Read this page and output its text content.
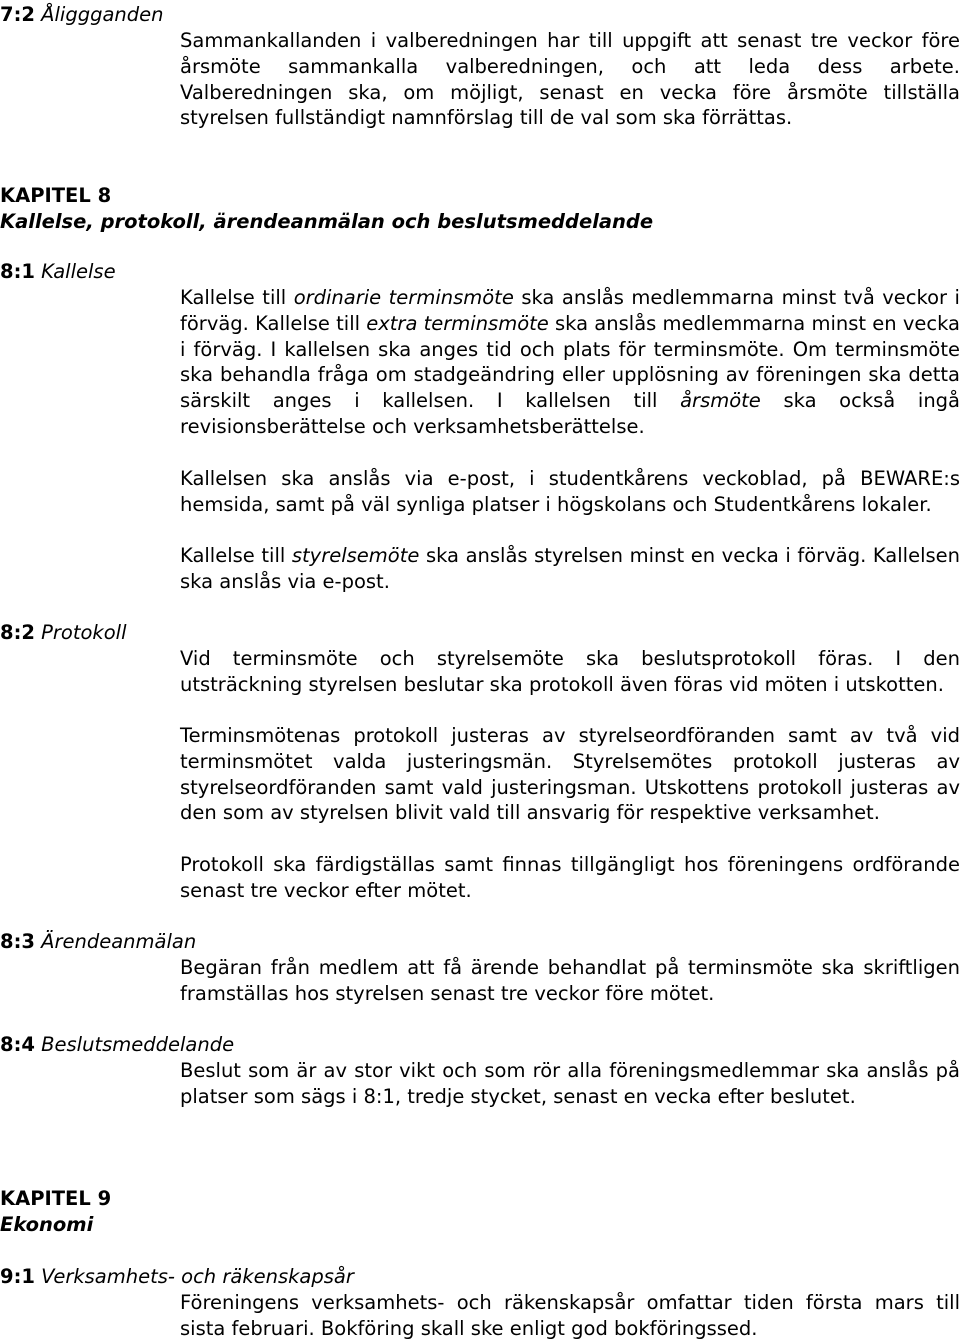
7:2 Åliggganden

Sammankallanden i valberedningen har till uppgift att senast tre veckor före årsmöte sammankalla valberedningen, och att leda dess arbete. Valberedningen ska, om möjligt, senast en vecka före årsmöte tillställa styrelsen fullständigt namnförslag till de val som ska förrättas.

KAPITEL 8
Kallelse, protokoll, ärendeanmälan och beslutsmeddelande
8:1 Kallelse

Kallelse till ordinarie terminsmöte ska anslås medlemmarna minst två veckor i förväg. Kallelse till extra terminsmöte ska anslås medlemmarna minst en vecka i förväg. I kallelsen ska anges tid och plats för terminsmöte. Om terminsmöte ska behandla fråga om stadgeändring eller upplösning av föreningen ska detta särskilt anges i kallelsen. I kallelsen till årsmöte ska också ingå revisionsberättelse och verksamhetsberättelse.

Kallelsen ska anslås via e-post, i studentkårens veckoblad, på BEWARE:s hemsida, samt på väl synliga platser i högskolans och Studentkårens lokaler.

Kallelse till styrelsemöte ska anslås styrelsen minst en vecka i förväg. Kallelsen ska anslås via e-post.

8:2 Protokoll

Vid terminsmöte och styrelsemöte ska beslutsprotokoll föras. I den utsträckning styrelsen beslutar ska protokoll även föras vid möten i utskotten.

Terminsmötenas protokoll justeras av styrelseordföranden samt av två vid terminsmötet valda justeringsmän. Styrelsemötes protokoll justeras av styrelseordföranden samt vald justeringsman. Utskottens protokoll justeras av den som av styrelsen blivit vald till ansvarig för respektive verksamhet.

Protokoll ska färdigställas samt finnas tillgängligt hos föreningens ordförande senast tre veckor efter mötet.

8:3 Ärendeanmälan

Begäran från medlem att få ärende behandlat på terminsmöte ska skriftligen framställas hos styrelsen senast tre veckor före mötet.

8:4 Beslutsmeddelande

Beslut som är av stor vikt och som rör alla föreningsmedlemmar ska anslås på platser som sägs i 8:1, tredje stycket, senast en vecka efter beslutet.

KAPITEL 9
Ekonomi
9:1 Verksamhets- och räkenskapsår

Föreningens verksamhets- och räkenskapsår omfattar tiden första mars till sista februari. Bokföring skall ske enligt god bokföringssed.
